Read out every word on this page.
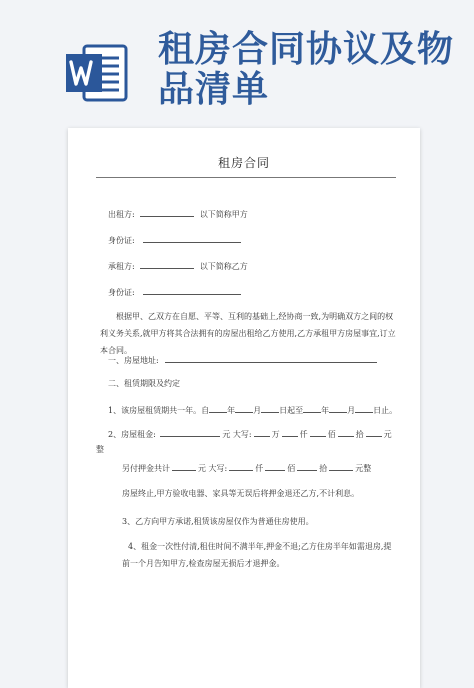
租房合同协议及物
品清单
租房合同
出租方:	以下简称甲方
身份证:
承租方:	以下简称乙方
身份证:
根据甲、乙双方在自愿、平等、互利的基础上,经协商一致,为明确双方之间的权利义务关系,就甲方将其合法拥有的房屋出租给乙方使用,乙方承租甲方房屋事宜,订立本合同。
一、房屋地址:
二、租赁期限及约定
1、该房屋租赁期共一年。自 年 月 日起至 年 月 日止。
2、房屋租金:	元 大写:	万	仟	佰	拾	元
整
另付押金共计	元 大写:	仟	佰	拾	元整
房屋终止,甲方验收电器、家具等无误后将押金退还乙方,不计利息。
3、乙方向甲方承诺,租赁该房屋仅作为普通住房使用。
4、租金一次性付清,租住时间不满半年,押金不退;乙方住房半年如需退房,提前一个月告知甲方,检查房屋无损后才退押金。
